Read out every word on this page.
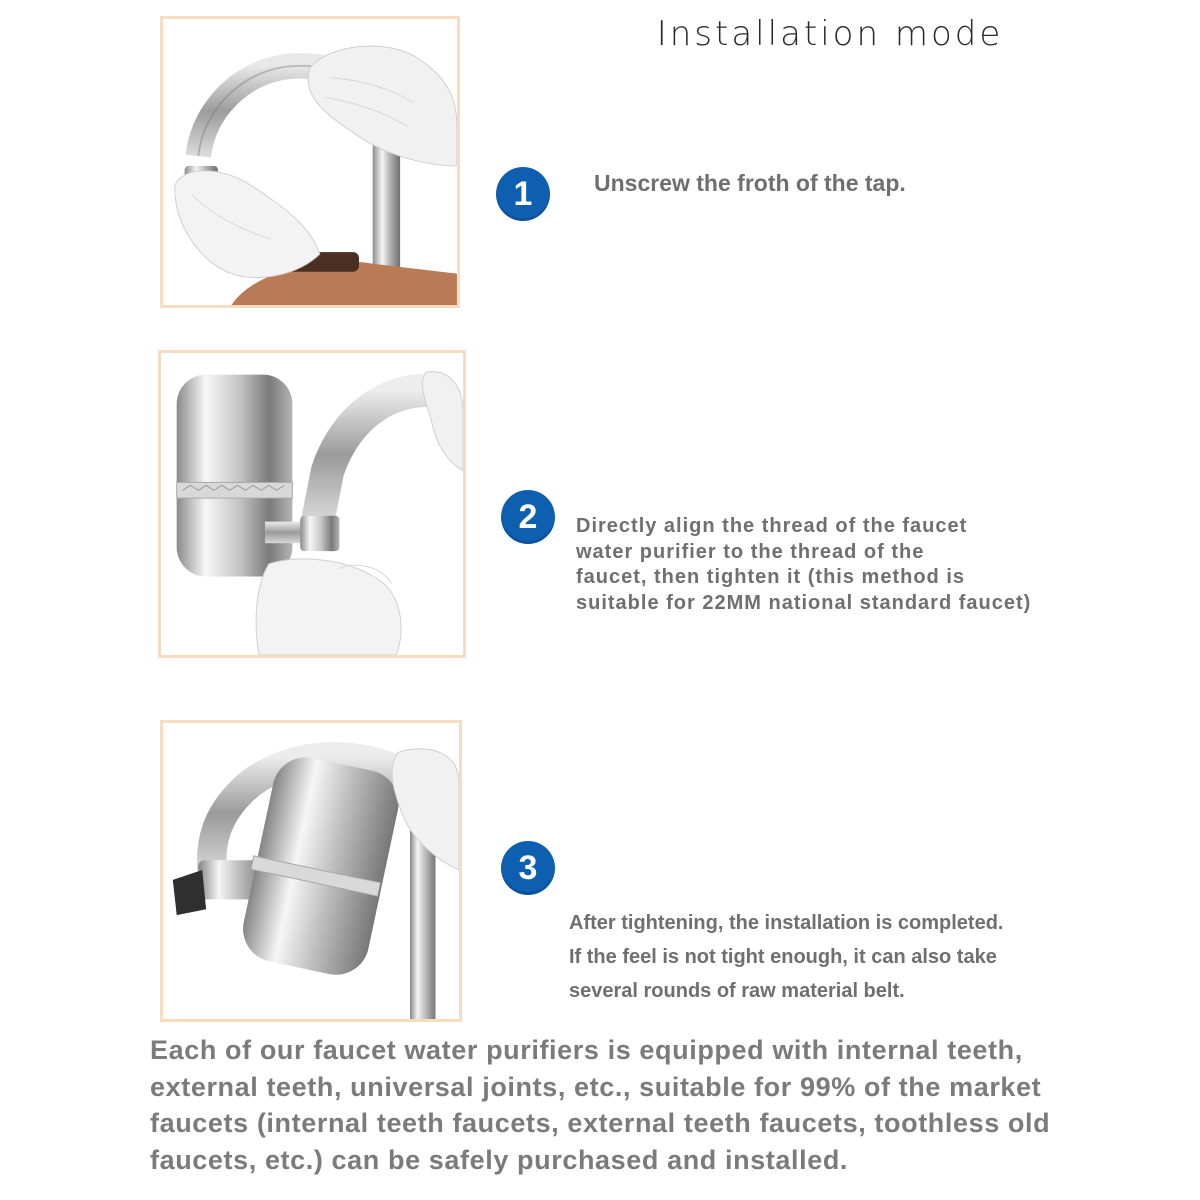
Installation mode
1	Unscrew the froth of the tap.
2	Directly align the thread of the faucet
water purifier to the thread of the
faucet, then tighten it (this method is
suitable for 22MM national standard faucet)
3
After tightening, the installation is completed.
If the feel is not tight enough, it can also take
several rounds of raw material belt.
Each of our faucet water purifiers is equipped with internal teeth,
external teeth, universal joints, etc., suitable for 99% of the market
faucets (internal teeth faucets, external teeth faucets, toothless old
faucets, etc.) can be safely purchased and installed.
